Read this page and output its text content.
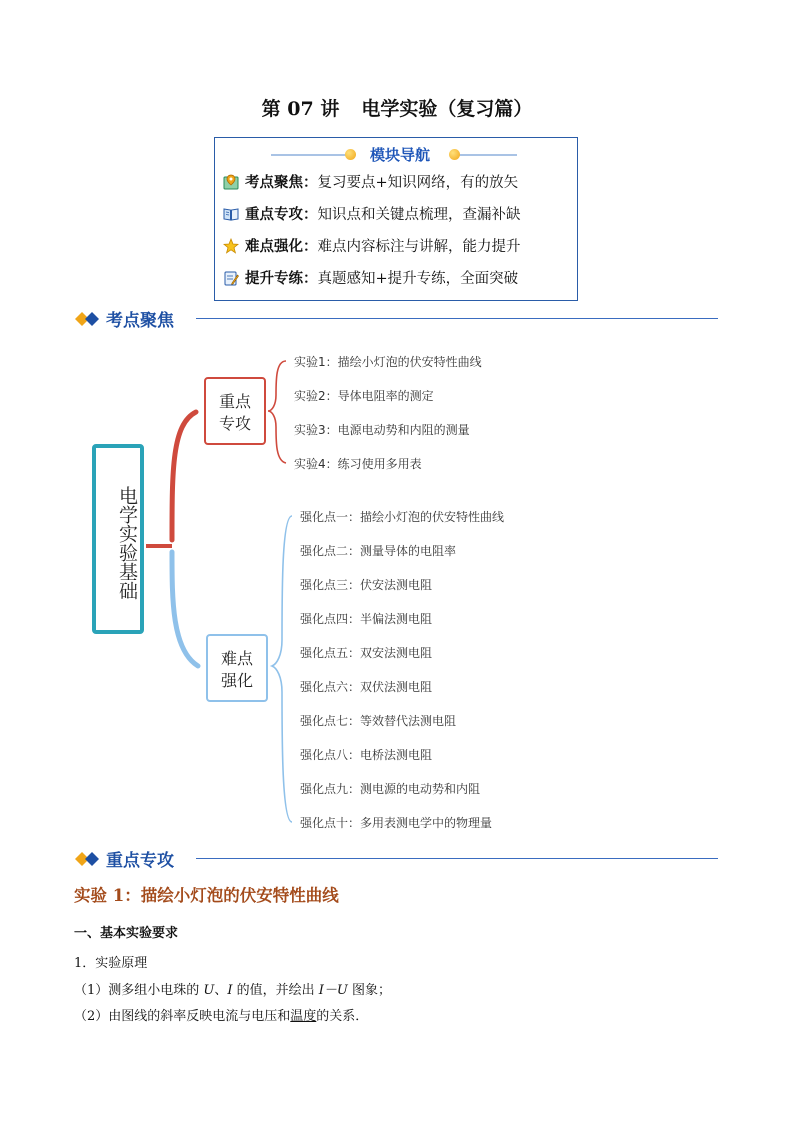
第 07 讲 电学实验（复习篇）
模块导航
考点聚焦：复习要点+知识网络，有的放矢
重点专攻：知识点和关键点梳理，查漏补缺
难点强化：难点内容标注与讲解，能力提升
提升专练：真题感知+提升专练，全面突破
考点聚焦
电学实验基础
重点
专攻
难点
强化
实验1：描绘小灯泡的伏安特性曲线
实验2：导体电阻率的测定
实验3：电源电动势和内阻的测量
实验4：练习使用多用表
强化点一：描绘小灯泡的伏安特性曲线
强化点二：测量导体的电阻率
强化点三：伏安法测电阻
强化点四：半偏法测电阻
强化点五：双安法测电阻
强化点六：双伏法测电阻
强化点七：等效替代法测电阻
强化点八：电桥法测电阻
强化点九：测电源的电动势和内阻
强化点十：多用表测电学中的物理量
重点专攻
实验 1：描绘小灯泡的伏安特性曲线
一、基本实验要求
1．实验原理
（1）测多组小电珠的 U、I 的值，并绘出 I－U 图象；
（2）由图线的斜率反映电流与电压和温度的关系．
